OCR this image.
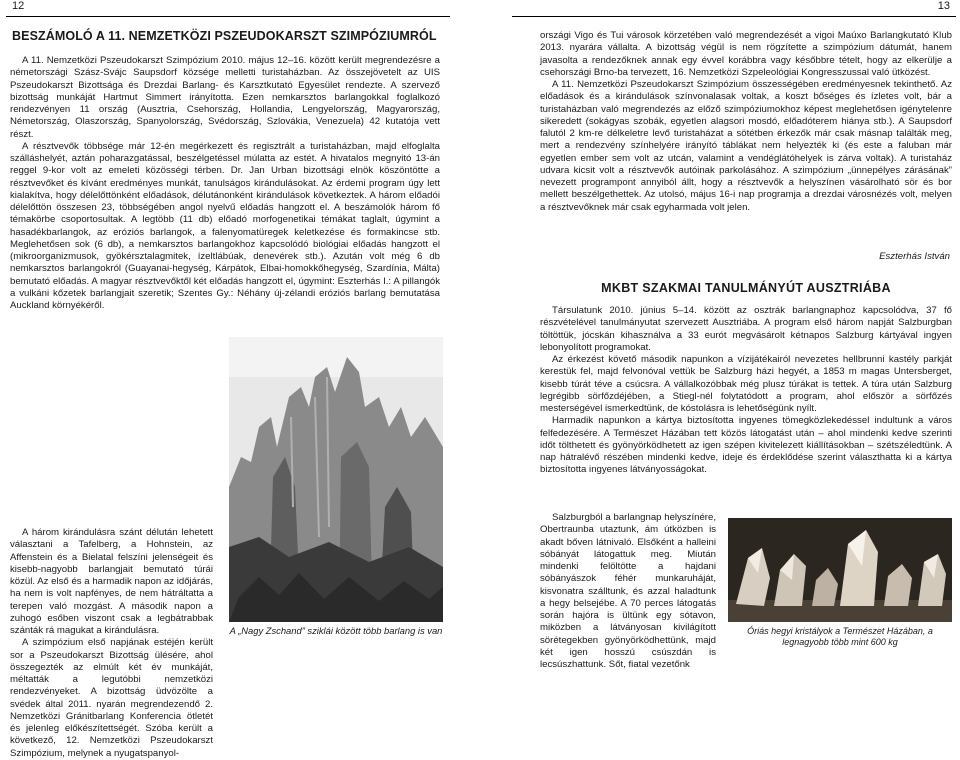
12	13
BESZÁMOLÓ A 11. NEMZETKÖZI PSZEUDOKARSZT SZIMPÓZIUMRÓL

A 11. Nemzetközi Pszeudokarszt Szimpózium 2010. május 12–16. között került megrendezésre a németországi Szász-Svájc Saupsdorf községe melletti turistaházban. Az összejövetelt az UIS Pszeudokarszt Bizottsága és Drezdai Barlang- és Karsztkutató Egyesület rendezte. A szervező bizottság munkáját Hartmut Simmert irányította. Ezen nemkarsztos barlangokkal foglalkozó rendezvényen 11 ország (Ausztria, Csehország, Hollandia, Lengyelország, Magyarország, Németország, Olaszország, Spanyolország, Svédország, Szlovákia, Venezuela) 42 kutatója vett részt.

A résztvevők többsége már 12-én megérkezett és regisztrált a turistaházban, majd elfoglalta szálláshelyét, aztán poharazgatással, beszélgetéssel múlatta az estét. A hivatalos megnyitó 13-án reggel 9-kor volt az emeleti közösségi térben. Dr. Jan Urban bizottsági elnök köszöntötte a résztvevőket és kívánt eredményes munkát, tanulságos kirándulásokat. Az érdemi program úgy lett kialakítva, hogy délelőttönként előadások, délutánonként kirándulások következtek. A három előadói délelőttön összesen 23, többségében angol nyelvű előadás hangzott el. A beszámolók három fő témakörbe csoportosultak. A legtöbb (11 db) előadó morfogenetikai témákat taglalt, úgymint a hasadékbarlangok, az eróziós barlangok, a falenyomatüregek keletkezése és formakincse stb. Meglehetősen sok (6 db), a nemkarsztos barlangokhoz kapcsolódó biológiai előadás hangzott el (mikroorganizmusok, gyökérsztalagmitek, ízeltlábúak, denevérek stb.). Azután volt még 6 db nemkarsztos barlangokról (Guayanai-hegység, Kárpátok, Elbai-homokkőhegység, Szardínia, Málta) bemutató előadás. A magyar résztvevőktől két előadás hangzott el, úgymint: Eszterhás I.: A pillangók a vulkáni kőzetek barlangjait szeretik; Szentes Gy.: Néhány új-zélandi eróziós barlang bemutatása Auckland környékéről.

A három kirándulásra szánt délután lehetett választani a Tafelberg, a Hohnstein, az Affenstein és a Bielatal felszíni jelenségeit és kisebb-nagyobb barlangjait bemutató túrái közül. Az első és a harmadik napon az időjárás, ha nem is volt napfényes, de nem hátráltatta a terepen való mozgást. A második napon a zuhogó esőben viszont csak a legbátrabbak szánták rá magukat a kirándulásra.

A szimpózium első napjának estéjén került sor a Pszeudokarszt Bizottság ülésére, ahol összegezték az elmúlt két év munkáját, méltatták a legutóbbi nemzetközi rendezvényeket. A bizottság üdvözölte a svédek által 2011. nyarán megrendezendő 2. Nemzetközi Gránitbarlang Konferencia ötletét és jelenleg előkészítettségét. Szóba került a következő, 12. Nemzetközi Pszeudokarszt Szimpózium, melynek a nyugatspanyol-

A „Nagy Zschand” sziklái között több barlang is van

országi Vigo és Tui városok körzetében való megrendezését a vigoi Maúxo Barlangkutató Klub 2013. nyarára vállalta. A bizottság végül is nem rögzítette a szimpózium dátumát, hanem javasolta a rendezőknek annak egy évvel korábbra vagy későbbre tételt, hogy az elkerülje a csehországi Brno-ba tervezett, 16. Nemzetközi Szpeleológiai Kongresszussal való ütközést.

A 11. Nemzetközi Pszeudokarszt Szimpózium összességében eredményesnek tekinthető. Az előadások és a kirándulások színvonalasak voltak, a koszt bőséges és ízletes volt, bár a turistaházban való megrendezés az előző szimpóziumokhoz képest meglehetősen igénytelenre sikeredett (sokágyas szobák, egyetlen alagsori mosdó, előadóterem hiánya stb.). A Saupsdorf falutól 2 km-re délkeletre levő turistaházat a sötétben érkezők már csak másnap találták meg, mert a rendezvény színhelyére irányító táblákat nem helyezték ki (és este a faluban már egyetlen ember sem volt az utcán, valamint a vendéglátóhelyek is zárva voltak). A turistaház udvara kicsit volt a résztvevők autóinak parkolásához. A szimpózium „ünnepélyes zárásának” nevezett programpont annyiból állt, hogy a résztvevők a helyszínen vásárolható sör és bor mellett beszélgethettek. Az utolsó, május 16-i nap programja a drezdai városnézés volt, melyen a résztvevőknek már csak egyharmada volt jelen.

Eszterhás István
MKBT SZAKMAI TANULMÁNYÚT AUSZTRIÁBA

Társulatunk 2010. június 5–14. között az osztrák barlangnaphoz kapcsolódva, 37 fő részvételével tanulmányutat szervezett Ausztriába. A program első három napját Salzburgban töltöttük, jócskán kihasználva a 33 eurót megvásárolt kétnapos Salzburg kártyával ingyen lebonyolított programokat.

Az érkezést követő második napunkon a vízijátékairól nevezetes hellbrunni kastély parkját kerestük fel, majd felvonóval vettük be Salzburg házi hegyét, a 1853 m magas Untersberget, kisebb túrát téve a csúcsra. A vállalkozóbbak még plusz túrákat is tettek. A túra után Salzburg legrégibb sörfőzdéjében, a Stiegl-nél folytatódott a program, ahol először a sörfőzés mesterségével ismerkedtünk, de kóstolásra is lehetőségünk nyílt.

Harmadik napunkon a kártya biztosította ingyenes tömegközlekedéssel indultunk a város felfedezésére. A Természet Házában tett közös látogatást után – ahol mindenki kedve szerinti időt tölthetett és gyönyörködhetett az igen szépen kivitelezett kiállításokban – szétszéledtünk. A nap hátralévő részében mindenki kedve, ideje és érdeklődése szerint választhatta ki a kártya biztosította ingyenes látványosságokat.

Salzburgból a barlangnap helyszínére, Obertraunba utaztunk, ám útközben is akadt bőven látnivaló. Elsőként a halleini sóbányát látogattuk meg. Miután mindenki felöltötte a hajdani sóbányászok féhér munkaruháját, kisvonatra szálltunk, és azzal haladtunk a hegy belsejébe. A 70 perces látogatás során hajóra is ültünk egy sótavon, miközben a látványosan kivilágított sörétegekben gyönyörködhettünk, majd két igen hosszú csúszdán is lecsúszhattunk. Sőt, fiatal vezetőnk

Óriás hegyi kristályok a Természet Házában, a legnagyobb több mint 600 kg
